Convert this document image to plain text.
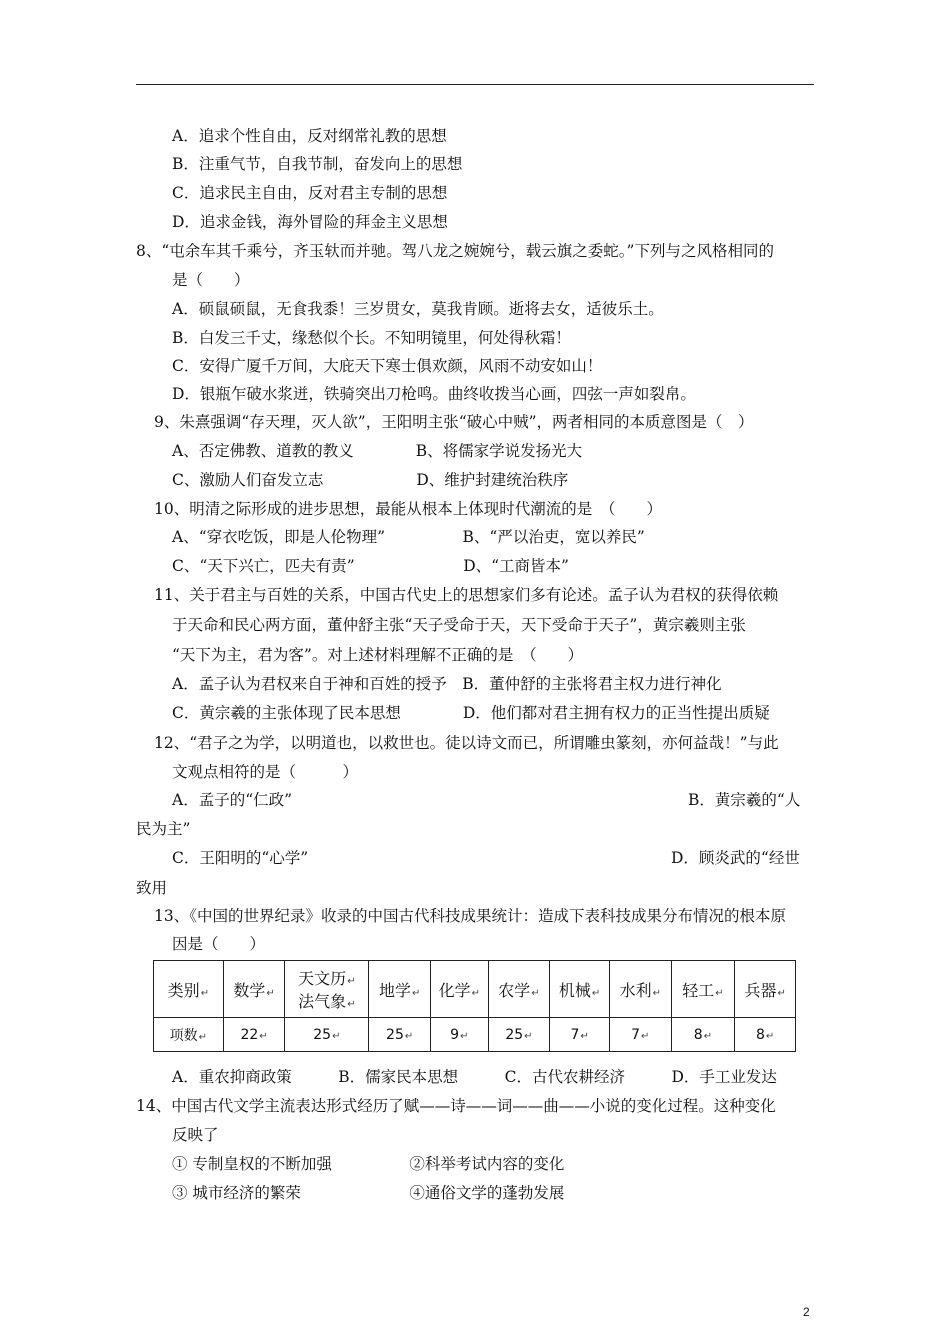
A．追求个性自由，反对纲常礼教的思想
B．注重气节，自我节制，奋发向上的思想
C．追求民主自由，反对君主专制的思想
D．追求金钱，海外冒险的拜金主义思想
8、“屯余车其千乘兮，齐玉轪而并驰。驾八龙之婉婉兮，载云旗之委蛇。”下列与之风格相同的
是（　　）
A．硕鼠硕鼠，无食我黍！三岁贯女，莫我肯顾。逝将去女，适彼乐土。
B．白发三千丈，缘愁似个长。不知明镜里，何处得秋霜！
C．安得广厦千万间，大庇天下寒士俱欢颜，风雨不动安如山！
D．银瓶乍破水浆迸，铁骑突出刀枪鸣。曲终收拨当心画，四弦一声如裂帛。
9、朱熹强调“存天理，灭人欲”，王阳明主张“破心中贼”，两者相同的本质意图是（　）
A、否定佛教、道教的教义　　　　B、将儒家学说发扬光大
C、激励人们奋发立志　　　　　　D、维护封建统治秩序
10、明清之际形成的进步思想，最能从根本上体现时代潮流的是　（　　）
A、“穿衣吃饭，即是人伦物理”　　　　　B、“严以治吏，宽以养民”
C、“天下兴亡，匹夫有责”　　　　　　　D、“工商皆本”
11、关于君主与百姓的关系，中国古代史上的思想家们多有论述。孟子认为君权的获得依赖
于天命和民心两方面，董仲舒主张“天子受命于天，天下受命于天子”，黄宗羲则主张
“天下为主，君为客”。对上述材料理解不正确的是　（　　）
A．孟子认为君权来自于神和百姓的授予　B．董仲舒的主张将君主权力进行神化
C．黄宗羲的主张体现了民本思想　　　　D．他们都对君主拥有权力的正当性提出质疑
12、“君子之为学，以明道也，以救世也。徒以诗文而已，所谓雕虫篆刻，亦何益哉！”与此
文观点相符的是（　　　）
A．孟子的“仁政”	B．黄宗羲的“人
民为主”
C．王阳明的“心学”	D．顾炎武的“经世
致用
13、《中国的世界纪录》收录的中国古代科技成果统计：造成下表科技成果分布情况的根本原
因是（　　）
A．重农抑商政策　　　B．儒家民本思想　　　C．古代农耕经济　　　D．手工业发达
14、中国古代文学主流表达形式经历了赋——诗——词——曲——小说的变化过程。这种变化
反映了
① 专制皇权的不断加强　　　　　②科举考试内容的变化
③ 城市经济的繁荣　　　　　　　④通俗文学的蓬勃发展
类别↵	数学↵	天文历↵
法气象↵	地学↵	化学↵	农学↵	机械↵	水利↵	轻工↵	兵器↵
项数↵	22↵	25↵	25↵	9↵	25↵	7↵	7↵	8↵	8↵
2
